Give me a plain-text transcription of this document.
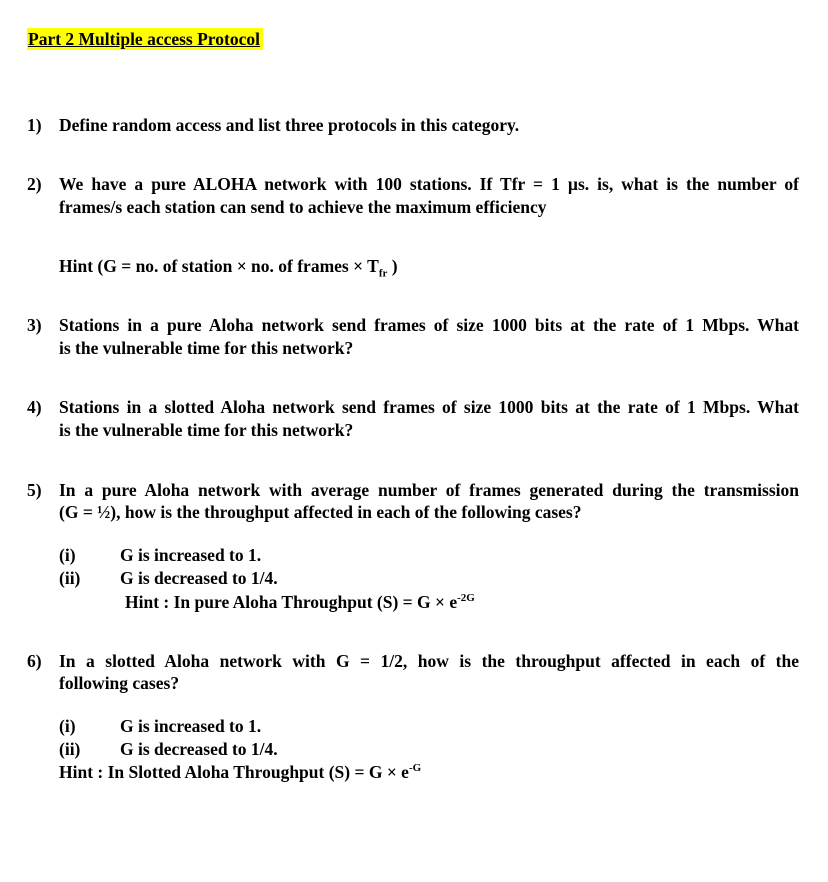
Part 2 Multiple access Protocol
1) Define random access and list three protocols in this category.
2) We have a pure ALOHA network with 100 stations. If Tfr = 1 µs. is, what is the number of
frames/s each station can send to achieve the maximum efficiency
Hint (G = no. of station × no. of frames × $T_{fr}$ )
3) Stations in a pure Aloha network send frames of size 1000 bits at the rate of 1 Mbps. What
is the vulnerable time for this network?
4) Stations in a slotted Aloha network send frames of size 1000 bits at the rate of 1 Mbps. What
is the vulnerable time for this network?
5) In a pure Aloha network with average number of frames generated during the transmission
(G = ½), how is the throughput affected in each of the following cases?
(i)	G is increased to 1.
(ii) G is decreased to 1/4.
Hint : In pure Aloha Throughput $(S) = G \times e^{-2G}$
6) In a slotted Aloha network with G = 1/2, how is the throughput affected in each of the
following cases?
(i)	G is increased to 1.
(ii) G is decreased to 1/4.
Hint : In Slotted Aloha Throughput $(S) = G \times e^{-G}$
